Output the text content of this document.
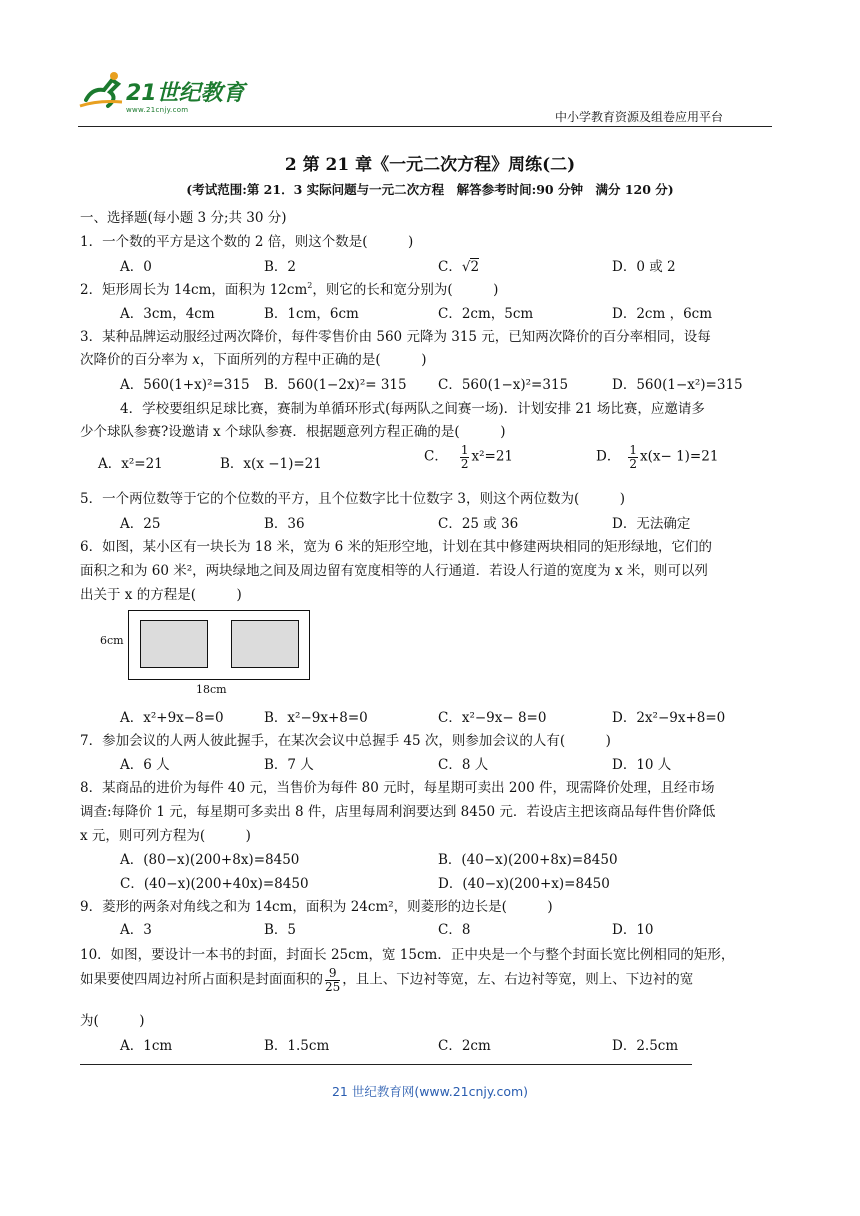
21世纪教育
www.21cnjy.com	中小学教育资源及组卷应用平台
2 第 21 章《一元二次方程》周练(二)
(考试范围:第 21．3 实际问题与一元二次方程　解答参考时间:90 分钟　满分 120 分)
一、选择题(每小题 3 分;共 30 分)
1．一个数的平方是这个数的 2 倍，则这个数是(　　　)
A．0	B．2	C．√2	D．0 或 2
2．矩形周长为 14cm，面积为 $12cm^2$，则它的长和宽分别为(　　　)
A．3cm，4cm	B．1cm，6cm	C．2cm，5cm	D．2cm ，6cm
3．某种品牌运动服经过两次降价，每件零售价由 560 元降为 315 元，已知两次降价的百分率相同，设每
次降价的百分率为 x，下面所列的方程中正确的是(　　　)
A．560(1+x)²=315 B．560(1−2x)²= 315 C．560(1−x)²=315	D．560(1−x²)=315
4．学校要组织足球比赛，赛制为单循环形式(每两队之间赛一场)．计划安排 21 场比赛，应邀请多
少个球队参赛?设邀请 x 个球队参赛．根据题意列方程正确的是(　　　)
A．x²=21	B．x(x −1)=21	C． $\frac{1}{2} x^2=21$	D． $\frac{1}{2} x(x- 1)=21$
5．一个两位数等于它的个位数的平方，且个位数字比十位数字 3，则这个两位数为(　　　)
A．25	B．36	C．25 或 36	D．无法确定
6．如图，某小区有一块长为 18 米，宽为 6 米的矩形空地，计划在其中修建两块相同的矩形绿地，它们的
面积之和为 60 米²，两块绿地之间及周边留有宽度相等的人行通道．若设人行道的宽度为 x 米，则可以列
出关于 x 的方程是(　　　)
6cm
18cm
A．x²+9x−8=0	B．x²−9x+8=0	C．x²−9x− 8=0	D．2x²−9x+8=0
7．参加会议的人两人彼此握手，在某次会议中总握手 45 次，则参加会议的人有(　　　)
A．6 人	B．7 人	C．8 人	D．10 人
8．某商品的进价为每件 40 元，当售价为每件 80 元时，每星期可卖出 200 件，现需降价处理，且经市场
调查:每降价 1 元，每星期可多卖出 8 件，店里每周利润要达到 8450 元．若设店主把该商品每件售价降低
x 元，则可列方程为(　　　)
A．(80−x)(200+8x)=8450	B．(40−x)(200+8x)=8450
C．(40−x)(200+40x)=8450	D．(40−x)(200+x)=8450
9．菱形的两条对角线之和为 14cm，面积为 24cm²，则菱形的边长是(　　　)
A．3	B．5	C．8	D．10
10．如图，要设计一本书的封面，封面长 25cm，宽 15cm．正中央是一个与整个封面长宽比例相同的矩形，
如果要使四周边衬所占面积是封面面积的 $\frac{9}{25}$ ，且上、下边衬等宽，左、右边衬等宽，则上、下边衬的宽
为(　　　)
A．1cm	B．1.5cm	C．2cm	D．2.5cm
21 世纪教育网(www.21cnjy.com)
